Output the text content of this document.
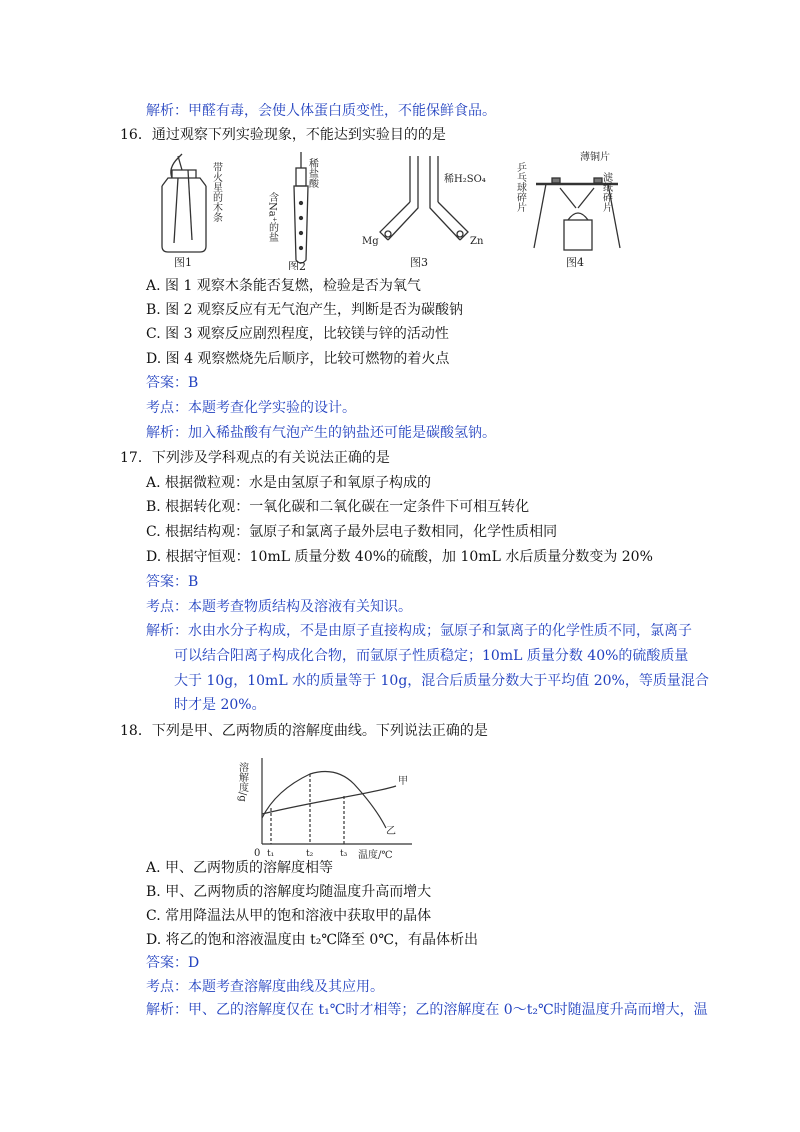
解析：甲醛有毒，会使人体蛋白质变性，不能保鲜食品。
16．通过观察下列实验现象，不能达到实验目的的是
带火星的木条
图1
稀盐酸
含Na⁺的盐
图2
稀H₂SO₄
Mg	Zn
图3
薄铜片
滤纸碎片
乒乓球碎片
图4
A. 图 1 观察木条能否复燃，检验是否为氧气
B. 图 2 观察反应有无气泡产生，判断是否为碳酸钠
C. 图 3 观察反应剧烈程度，比较镁与锌的活动性
D. 图 4 观察燃烧先后顺序，比较可燃物的着火点
答案：B
考点：本题考查化学实验的设计。
解析：加入稀盐酸有气泡产生的钠盐还可能是碳酸氢钠。
17．下列涉及学科观点的有关说法正确的是
A. 根据微粒观：水是由氢原子和氧原子构成的
B. 根据转化观：一氧化碳和二氧化碳在一定条件下可相互转化
C. 根据结构观：氩原子和氯离子最外层电子数相同，化学性质相同
D. 根据守恒观：10mL 质量分数 40%的硫酸，加 10mL 水后质量分数变为 20%
答案：B
考点：本题考查物质结构及溶液有关知识。
解析：水由水分子构成，不是由原子直接构成；氩原子和氯离子的化学性质不同，氯离子
可以结合阳离子构成化合物，而氩原子性质稳定；10mL 质量分数 40%的硫酸质量
大于 10g，10mL 水的质量等于 10g，混合后质量分数大于平均值 20%，等质量混合
时才是 20%。
18．下列是甲、乙两物质的溶解度曲线。下列说法正确的是
溶解度/g
温度/℃
0 t₁	t₂	t₃
甲
乙
A. 甲、乙两物质的溶解度相等
B. 甲、乙两物质的溶解度均随温度升高而增大
C. 常用降温法从甲的饱和溶液中获取甲的晶体
D. 将乙的饱和溶液温度由 t₂℃降至 0℃，有晶体析出
答案：D
考点：本题考查溶解度曲线及其应用。
解析：甲、乙的溶解度仅在 t₁℃时才相等；乙的溶解度在 0～t₂℃时随温度升高而增大，温
